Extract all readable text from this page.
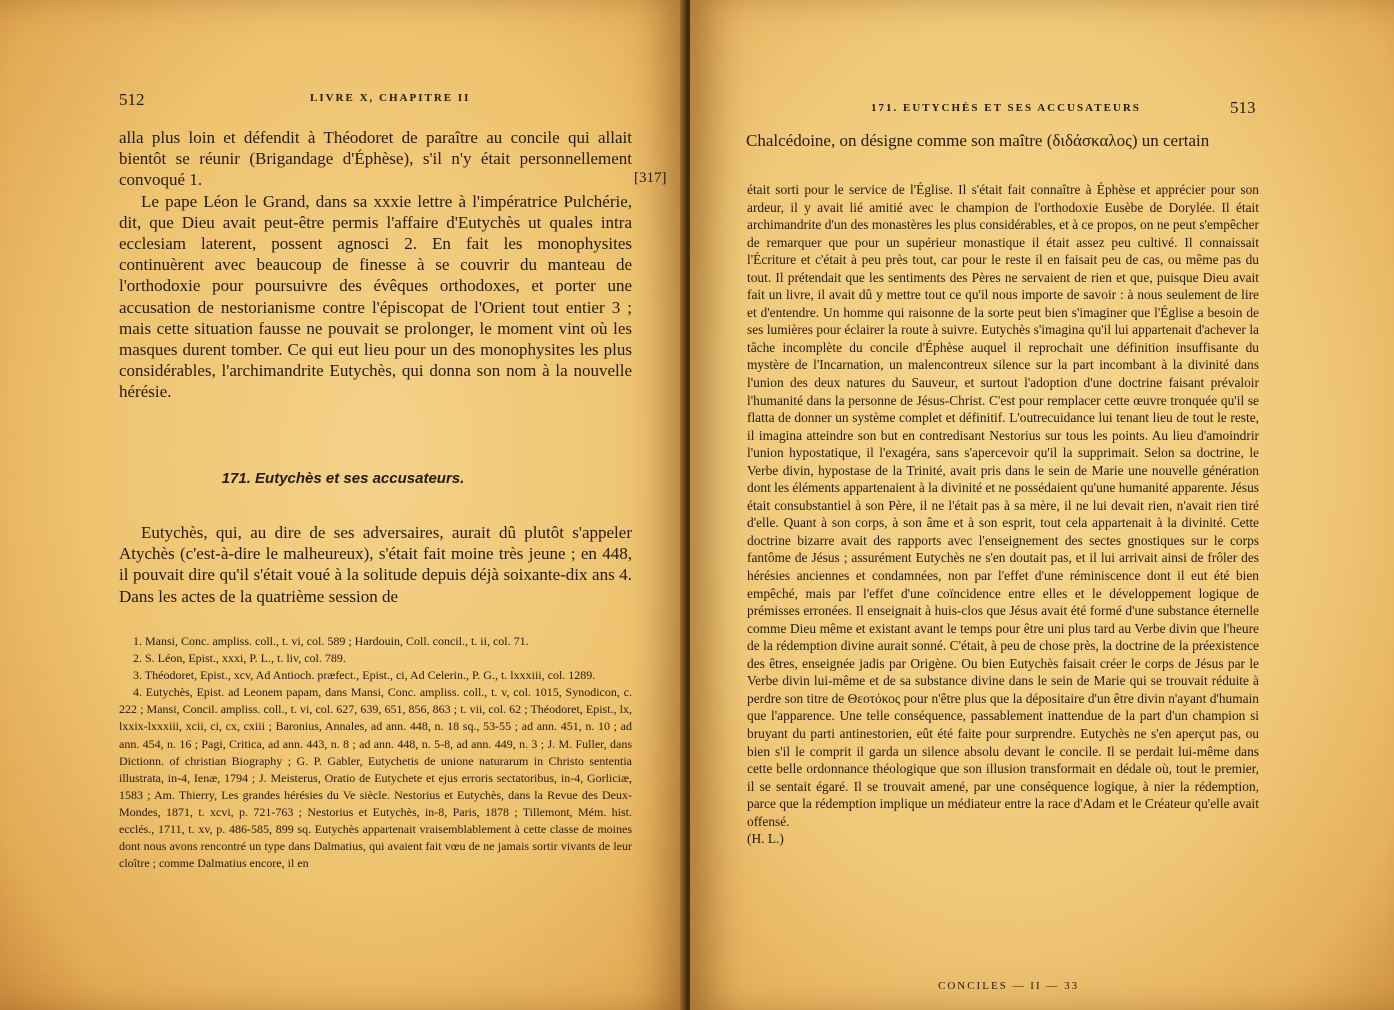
512	LIVRE X, CHAPITRE II
[317]

alla plus loin et défendit à Théodoret de paraître au concile qui allait bientôt se réunir (Brigandage d'Éphèse), s'il n'y était personnellement convoqué 1.

Le pape Léon le Grand, dans sa xxxie lettre à l'impératrice Pulchérie, dit, que Dieu avait peut-être permis l'affaire d'Eutychès ut quales intra ecclesiam laterent, possent agnosci 2. En fait les monophysites continuèrent avec beaucoup de finesse à se couvrir du manteau de l'orthodoxie pour poursuivre des évêques orthodoxes, et porter une accusation de nestorianisme contre l'épiscopat de l'Orient tout entier 3 ; mais cette situation fausse ne pouvait se prolonger, le moment vint où les masques durent tomber. Ce qui eut lieu pour un des monophysites les plus considérables, l'archimandrite Eutychès, qui donna son nom à la nouvelle hérésie.

171. Eutychès et ses accusateurs.

Eutychès, qui, au dire de ses adversaires, aurait dû plutôt s'appeler Atychès (c'est-à-dire le malheureux), s'était fait moine très jeune ; en 448, il pouvait dire qu'il s'était voué à la solitude depuis déjà soixante-dix ans 4. Dans les actes de la quatrième session de

1. Mansi, Conc. ampliss. coll., t. vi, col. 589 ; Hardouin, Coll. concil., t. ii, col. 71.

2. S. Léon, Epist., xxxi, P. L., t. liv, col. 789.

3. Théodoret, Epist., xcv, Ad Antioch. præfect., Epist., ci, Ad Celerin., P. G., t. lxxxiii, col. 1289.

4. Eutychès, Epist. ad Leonem papam, dans Mansi, Conc. ampliss. coll., t. v, col. 1015, Synodicon, c. 222 ; Mansi, Concil. ampliss. coll., t. vi, col. 627, 639, 651, 856, 863 ; t. vii, col. 62 ; Théodoret, Epist., lx, lxxix-lxxxiii, xcii, ci, cx, cxiii ; Baronius, Annales, ad ann. 448, n. 18 sq., 53-55 ; ad ann. 451, n. 10 ; ad ann. 454, n. 16 ; Pagi, Critica, ad ann. 443, n. 8 ; ad ann. 448, n. 5-8, ad ann. 449, n. 3 ; J. M. Fuller, dans Dictionn. of christian Biography ; G. P. Gabler, Eutychetis de unione naturarum in Christo sententia illustrata, in-4, Ienæ, 1794 ; J. Meisterus, Oratio de Eutychete et ejus erroris sectatoribus, in-4, Gorliciæ, 1583 ; Am. Thierry, Les grandes hérésies du Ve siècle. Nestorius et Eutychès, dans la Revue des Deux-Mondes, 1871, t. xcvi, p. 721-763 ; Nestorius et Eutychès, in-8, Paris, 1878 ; Tillemont, Mém. hist. ecclés., 1711, t. xv, p. 486-585, 899 sq. Eutychès appartenait vraisemblablement à cette classe de moines dont nous avons rencontré un type dans Dalmatius, qui avaient fait vœu de ne jamais sortir vivants de leur cloître ; comme Dalmatius encore, il en

171. EUTYCHÈS ET SES ACCUSATEURS	513
Chalcédoine, on désigne comme son maître (διδάσκαλος) un certain

était sorti pour le service de l'Église. Il s'était fait connaître à Éphèse et apprécier pour son ardeur, il y avait lié amitié avec le champion de l'orthodoxie Eusèbe de Dorylée. Il était archimandrite d'un des monastères les plus considérables, et à ce propos, on ne peut s'empêcher de remarquer que pour un supérieur monastique il était assez peu cultivé. Il connaissait l'Écriture et c'était à peu près tout, car pour le reste il en faisait peu de cas, ou même pas du tout. Il prétendait que les sentiments des Pères ne servaient de rien et que, puisque Dieu avait fait un livre, il avait dû y mettre tout ce qu'il nous importe de savoir : à nous seulement de lire et d'entendre. Un homme qui raisonne de la sorte peut bien s'imaginer que l'Église a besoin de ses lumières pour éclairer la route à suivre. Eutychès s'imagina qu'il lui appartenait d'achever la tâche incomplète du concile d'Éphèse auquel il reprochait une définition insuffisante du mystère de l'Incarnation, un malencontreux silence sur la part incombant à la divinité dans l'union des deux natures du Sauveur, et surtout l'adoption d'une doctrine faisant prévaloir l'humanité dans la personne de Jésus-Christ. C'est pour remplacer cette œuvre tronquée qu'il se flatta de donner un système complet et définitif. L'outrecuidance lui tenant lieu de tout le reste, il imagina atteindre son but en contredisant Nestorius sur tous les points. Au lieu d'amoindrir l'union hypostatique, il l'exagéra, sans s'apercevoir qu'il la supprimait. Selon sa doctrine, le Verbe divin, hypostase de la Trinité, avait pris dans le sein de Marie une nouvelle génération dont les éléments appartenaient à la divinité et ne possédaient qu'une humanité apparente. Jésus était consubstantiel à son Père, il ne l'était pas à sa mère, il ne lui devait rien, n'avait rien tiré d'elle. Quant à son corps, à son âme et à son esprit, tout cela appartenait à la divinité. Cette doctrine bizarre avait des rapports avec l'enseignement des sectes gnostiques sur le corps fantôme de Jésus ; assurément Eutychès ne s'en doutait pas, et il lui arrivait ainsi de frôler des hérésies anciennes et condamnées, non par l'effet d'une réminiscence dont il eut été bien empêché, mais par l'effet d'une coïncidence entre elles et le développement logique de prémisses erronées. Il enseignait à huis-clos que Jésus avait été formé d'une substance éternelle comme Dieu même et existant avant le temps pour être uni plus tard au Verbe divin que l'heure de la rédemption divine aurait sonné. C'était, à peu de chose près, la doctrine de la préexistence des êtres, enseignée jadis par Origène. Ou bien Eutychès faisait créer le corps de Jésus par le Verbe divin lui-même et de sa substance divine dans le sein de Marie qui se trouvait réduite à perdre son titre de Θεοτόκος pour n'être plus que la dépositaire d'un être divin n'ayant d'humain que l'apparence. Une telle conséquence, passablement inattendue de la part d'un champion si bruyant du parti antinestorien, eût été faite pour surprendre. Eutychès ne s'en aperçut pas, ou bien s'il le comprit il garda un silence absolu devant le concile. Il se perdait lui-même dans cette belle ordonnance théologique que son illusion transformait en dédale où, tout le premier, il se sentait égaré. Il se trouvait amené, par une conséquence logique, à nier la rédemption, parce que la rédemption implique un médiateur entre la race d'Adam et le Créateur qu'elle avait offensé.

(H. L.)

CONCILES — II — 33
